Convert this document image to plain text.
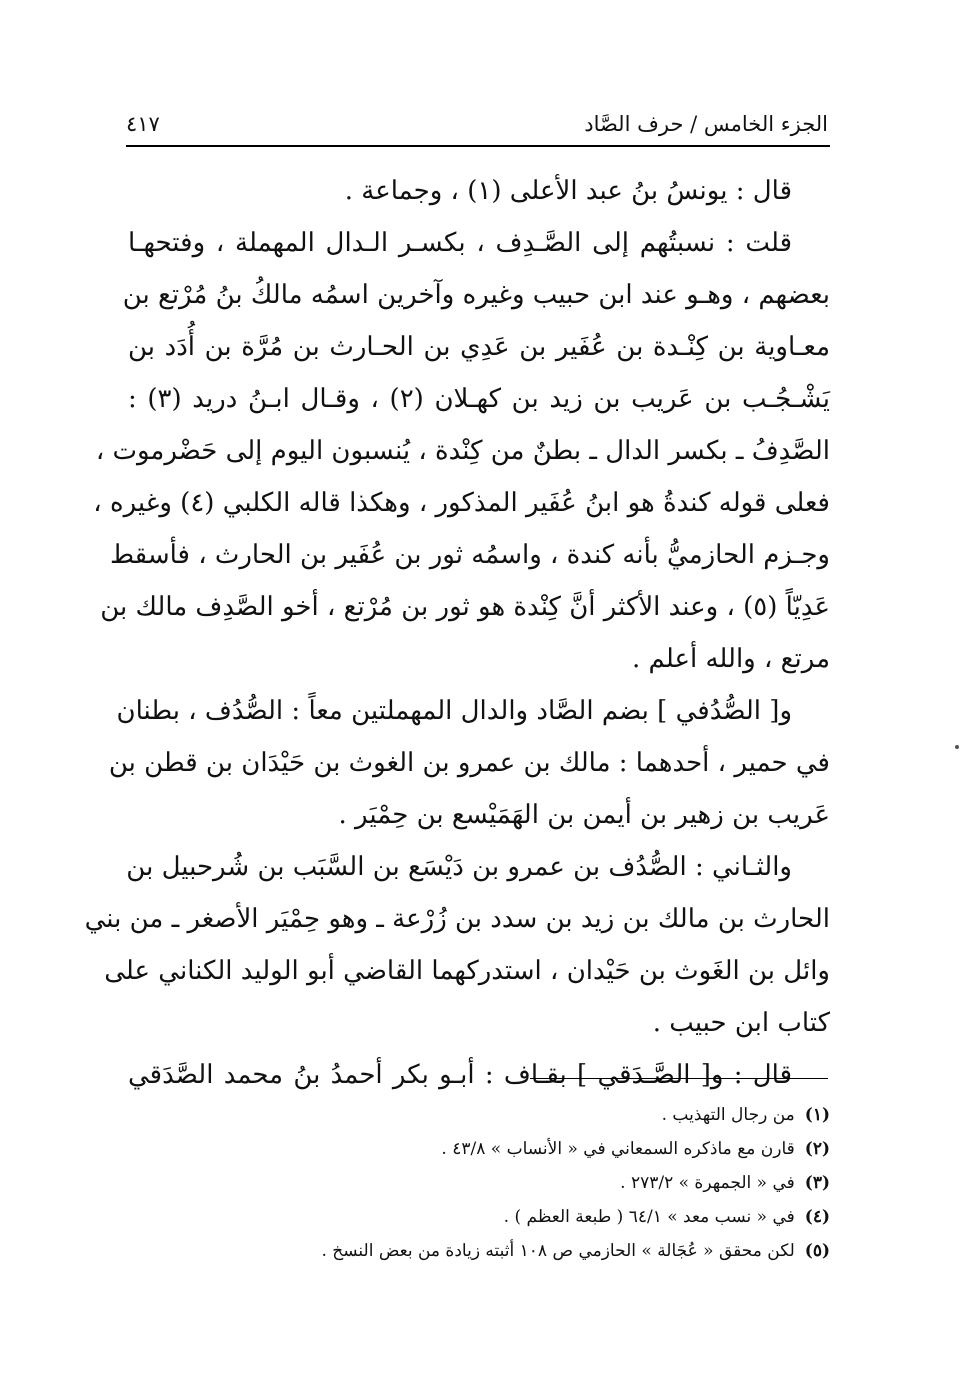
الجزء الخامس / حرف الصَّاد
٤١٧
قال : يونسُ بنُ عبد الأعلى (١) ، وجماعة .
قلت : نسبتُهم إلى الصَّـدِف ، بكسـر الـدال المهملة ، وفتحهـا
بعضهم ، وهـو عند ابن حبيب وغيره وآخرين اسمُه مالكُ بنُ مُرْتع بن
معـاوية بن كِنْـدة بن عُفَير بن عَدِي بن الحـارث بن مُرَّة بن أُدَد بن
يَشْـجُـب بن عَريب بن زيد بن كهـلان (٢) ، وقـال ابـنُ دريد (٣) :
الصَّدِفُ ـ بكسر الدال ـ بطنٌ من كِنْدة ، يُنسبون اليوم إلى حَضْرموت ،
فعلى قوله كندةُ هو ابنُ عُفَير المذكور ، وهكذا قاله الكلبي (٤) وغيره ،
وجـزم الحازميُّ بأنه كندة ، واسمُه ثور بن عُفَير بن الحارث ، فأسقط
عَدِيّاً (٥) ، وعند الأكثر أنَّ كِنْدة هو ثور بن مُرْتع ، أخو الصَّدِف مالك بن
مرتع ، والله أعلم .
و[ الصُّدُفي ] بضم الصَّاد والدال المهملتين معاً : الصُّدُف ، بطنان
في حمير ، أحدهما : مالك بن عمرو بن الغوث بن حَيْدَان بن قطن بن
عَريب بن زهير بن أيمن بن الهَمَيْسع بن حِمْيَر .
والثـاني : الصُّدُف بن عمرو بن دَيْسَع بن السَّبَب بن شُرحبيل بن
الحارث بن مالك بن زيد بن سدد بن زُرْعة ـ وهو حِمْيَر الأصغر ـ من بني
وائل بن الغَوث بن حَيْدان ، استدركهما القاضي أبو الوليد الكناني على
كتاب ابن حبيب .
قال : و[ الصَّـدَقي ] بقـاف : أبـو بكر أحمدُ بنُ محمد الصَّدَقي
(١)من رجال التهذيب .
(٢)قارن مع ماذكره السمعاني في « الأنساب » ٤٣/٨ .
(٣)في « الجمهرة » ٢٧٣/٢ .
(٤)في « نسب معد » ٦٤/١ ( طبعة العظم ) .
(٥)لكن محقق « عُجَالة » الحازمي ص ١٠٨ أثبته زيادة من بعض النسخ .
